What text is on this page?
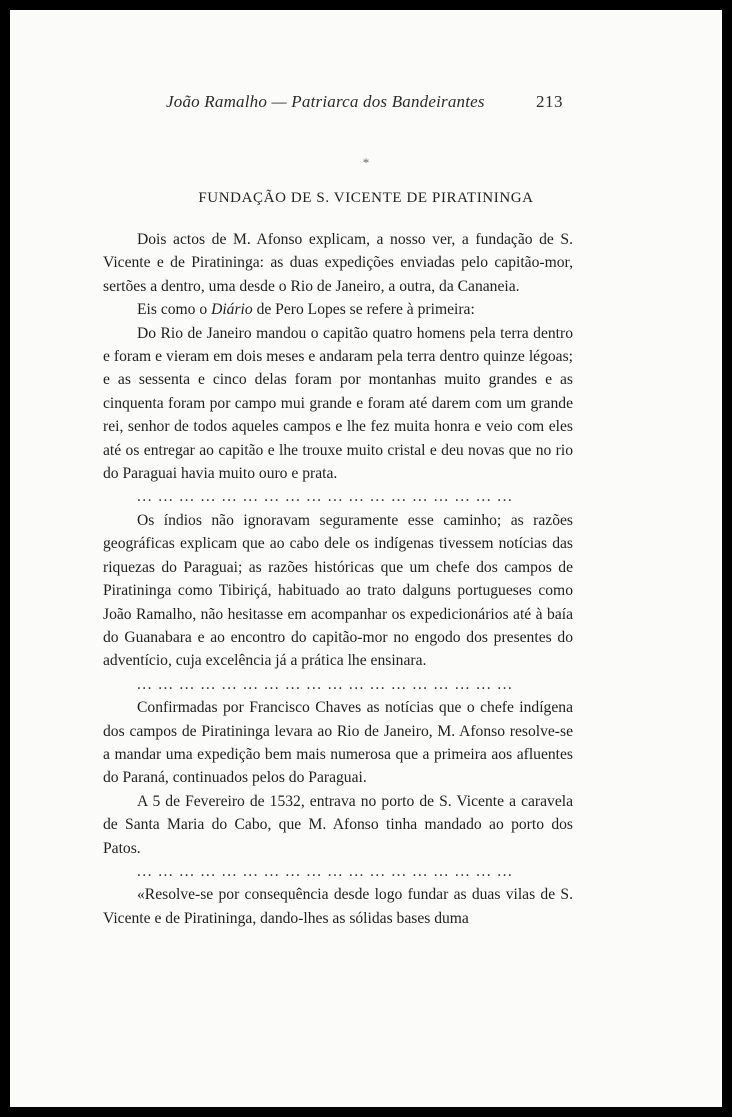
João Ramalho — Patriarca dos Bandeirantes	213
*
FUNDAÇÃO DE S. VICENTE DE PIRATININGA

Dois actos de M. Afonso explicam, a nosso ver, a fundação de S. Vicente e de Piratininga: as duas expedições enviadas pelo capitão-mor, sertões a dentro, uma desde o Rio de Janeiro, a outra, da Cananeia.

Eis como o Diário de Pero Lopes se refere à primeira:

Do Rio de Janeiro mandou o capitão quatro homens pela terra dentro e foram e vieram em dois meses e andaram pela terra dentro quinze légoas; e as sessenta e cinco delas foram por montanhas muito grandes e as cinquenta foram por campo mui grande e foram até darem com um grande rei, senhor de todos aqueles campos e lhe fez muita honra e veio com eles até os entregar ao capitão e lhe trouxe muito cristal e deu novas que no rio do Paraguai havia muito ouro e prata.

... ... ... ... ... ... ... ... ... ... ... ... ... ... ... ... ... ...

Os índios não ignoravam seguramente esse caminho; as razões geográficas explicam que ao cabo dele os indígenas tivessem notícias das riquezas do Paraguai; as razões históricas que um chefe dos campos de Piratininga como Tibiriçá, habituado ao trato dalguns portugueses como João Ramalho, não hesitasse em acompanhar os expedicionários até à baía do Guanabara e ao encontro do capitão-mor no engodo dos presentes do adventício, cuja excelência já a prática lhe ensinara.

... ... ... ... ... ... ... ... ... ... ... ... ... ... ... ... ... ...

Confirmadas por Francisco Chaves as notícias que o chefe indígena dos campos de Piratininga levara ao Rio de Janeiro, M. Afonso resolve-se a mandar uma expedição bem mais numerosa que a primeira aos afluentes do Paraná, continuados pelos do Paraguai.

A 5 de Fevereiro de 1532, entrava no porto de S. Vicente a caravela de Santa Maria do Cabo, que M. Afonso tinha mandado ao porto dos Patos.

... ... ... ... ... ... ... ... ... ... ... ... ... ... ... ... ... ...

«Resolve-se por consequência desde logo fundar as duas vilas de S. Vicente e de Piratininga, dando-lhes as sólidas bases duma
